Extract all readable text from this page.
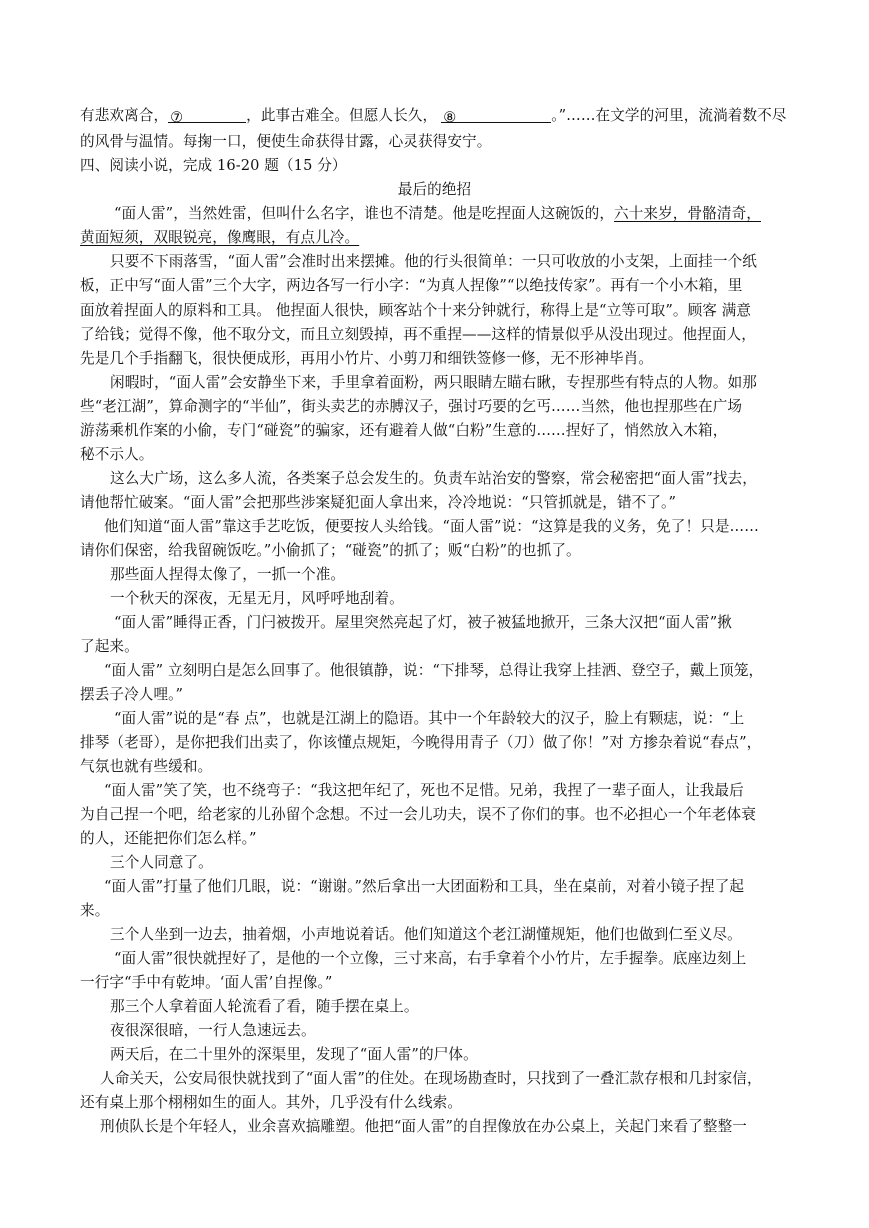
有悲欢离合， ⑦	，此事古难全。但愿人长久， ⑧	。”……在文学的河里，流淌着数不尽
的风骨与温情。每掬一口，便使生命获得甘露，心灵获得安宁。
四、阅读小说，完成 16-20 题（15 分）
最后的绝招
“面人雷”，当然姓雷，但叫什么名字，谁也不清楚。他是吃捏面人这碗饭的，六十来岁，骨骼清奇，
黄面短须，双眼锐亮，像鹰眼，有点儿冷。
只要不下雨落雪，“面人雷”会准时出来摆摊。他的行头很简单：一只可收放的小支架，上面挂一个纸
板，正中写“面人雷”三个大字，两边各写一行小字：“为真人捏像”“以绝技传家”。再有一个小木箱，里
面放着捏面人的原料和工具。 他捏面人很快，顾客站个十来分钟就行，称得上是“立等可取”。顾客 满意
了给钱；觉得不像，他不取分文，而且立刻毁掉，再不重捏——这样的情景似乎从没出现过。他捏面人，
先是几个手指翻飞，很快便成形，再用小竹片、小剪刀和细铁签修一修，无不形神毕肖。
闲暇时，“面人雷”会安静坐下来，手里拿着面粉，两只眼睛左瞄右瞅，专捏那些有特点的人物。如那
些“老江湖”，算命测字的“半仙”，街头卖艺的赤膊汉子，强讨巧要的乞丐……当然，他也捏那些在广场
游荡乘机作案的小偷，专门“碰瓷”的骗家，还有避着人做“白粉”生意的……捏好了，悄然放入木箱，
秘不示人。
这么大广场，这么多人流，各类案子总会发生的。负责车站治安的警察，常会秘密把“面人雷”找去，
请他帮忙破案。“面人雷”会把那些涉案疑犯面人拿出来，冷冷地说：“只管抓就是，错不了。”
他们知道“面人雷”靠这手艺吃饭，便要按人头给钱。“面人雷”说：“这算是我的义务，免了！只是……
请你们保密，给我留碗饭吃。”小偷抓了；“碰瓷”的抓了；贩“白粉”的也抓了。
那些面人捏得太像了，一抓一个准。
一个秋天的深夜，无星无月，风呼呼地刮着。
“面人雷”睡得正香，门闩被拨开。屋里突然亮起了灯，被子被猛地掀开，三条大汉把“面人雷”揪
了起来。
“面人雷” 立刻明白是怎么回事了。他很镇静，说：“下排琴，总得让我穿上挂洒、登空子，戴上顶笼，
摆丢子冷人哩。”
“面人雷”说的是“春 点”，也就是江湖上的隐语。其中一个年龄较大的汉子，脸上有颗痣，说：“上
排琴（老哥），是你把我们出卖了，你该懂点规矩，今晚得用青子（刀）做了你！”对 方掺杂着说“春点”，
气氛也就有些缓和。
“面人雷”笑了笑，也不绕弯子：“我这把年纪了，死也不足惜。兄弟，我捏了一辈子面人，让我最后
为自己捏一个吧，给老家的儿孙留个念想。不过一会儿功夫，误不了你们的事。也不必担心一个年老体衰
的人，还能把你们怎么样。”
三个人同意了。
“面人雷”打量了他们几眼，说：“谢谢。”然后拿出一大团面粉和工具，坐在桌前，对着小镜子捏了起
来。
三个人坐到一边去，抽着烟，小声地说着话。他们知道这个老江湖懂规矩，他们也做到仁至义尽。
“面人雷”很快就捏好了，是他的一个立像，三寸来高，右手拿着个小竹片，左手握拳。底座边刻上
一行字“手中有乾坤。‘面人雷’自捏像。”
那三个人拿着面人轮流看了看，随手摆在桌上。
夜很深很暗，一行人急速远去。
两天后，在二十里外的深渠里，发现了“面人雷”的尸体。
人命关天，公安局很快就找到了“面人雷”的住处。在现场勘查时，只找到了一叠汇款存根和几封家信，
还有桌上那个栩栩如生的面人。其外，几乎没有什么线索。
刑侦队长是个年轻人，业余喜欢搞雕塑。他把“面人雷”的自捏像放在办公桌上，关起门来看了整整一
